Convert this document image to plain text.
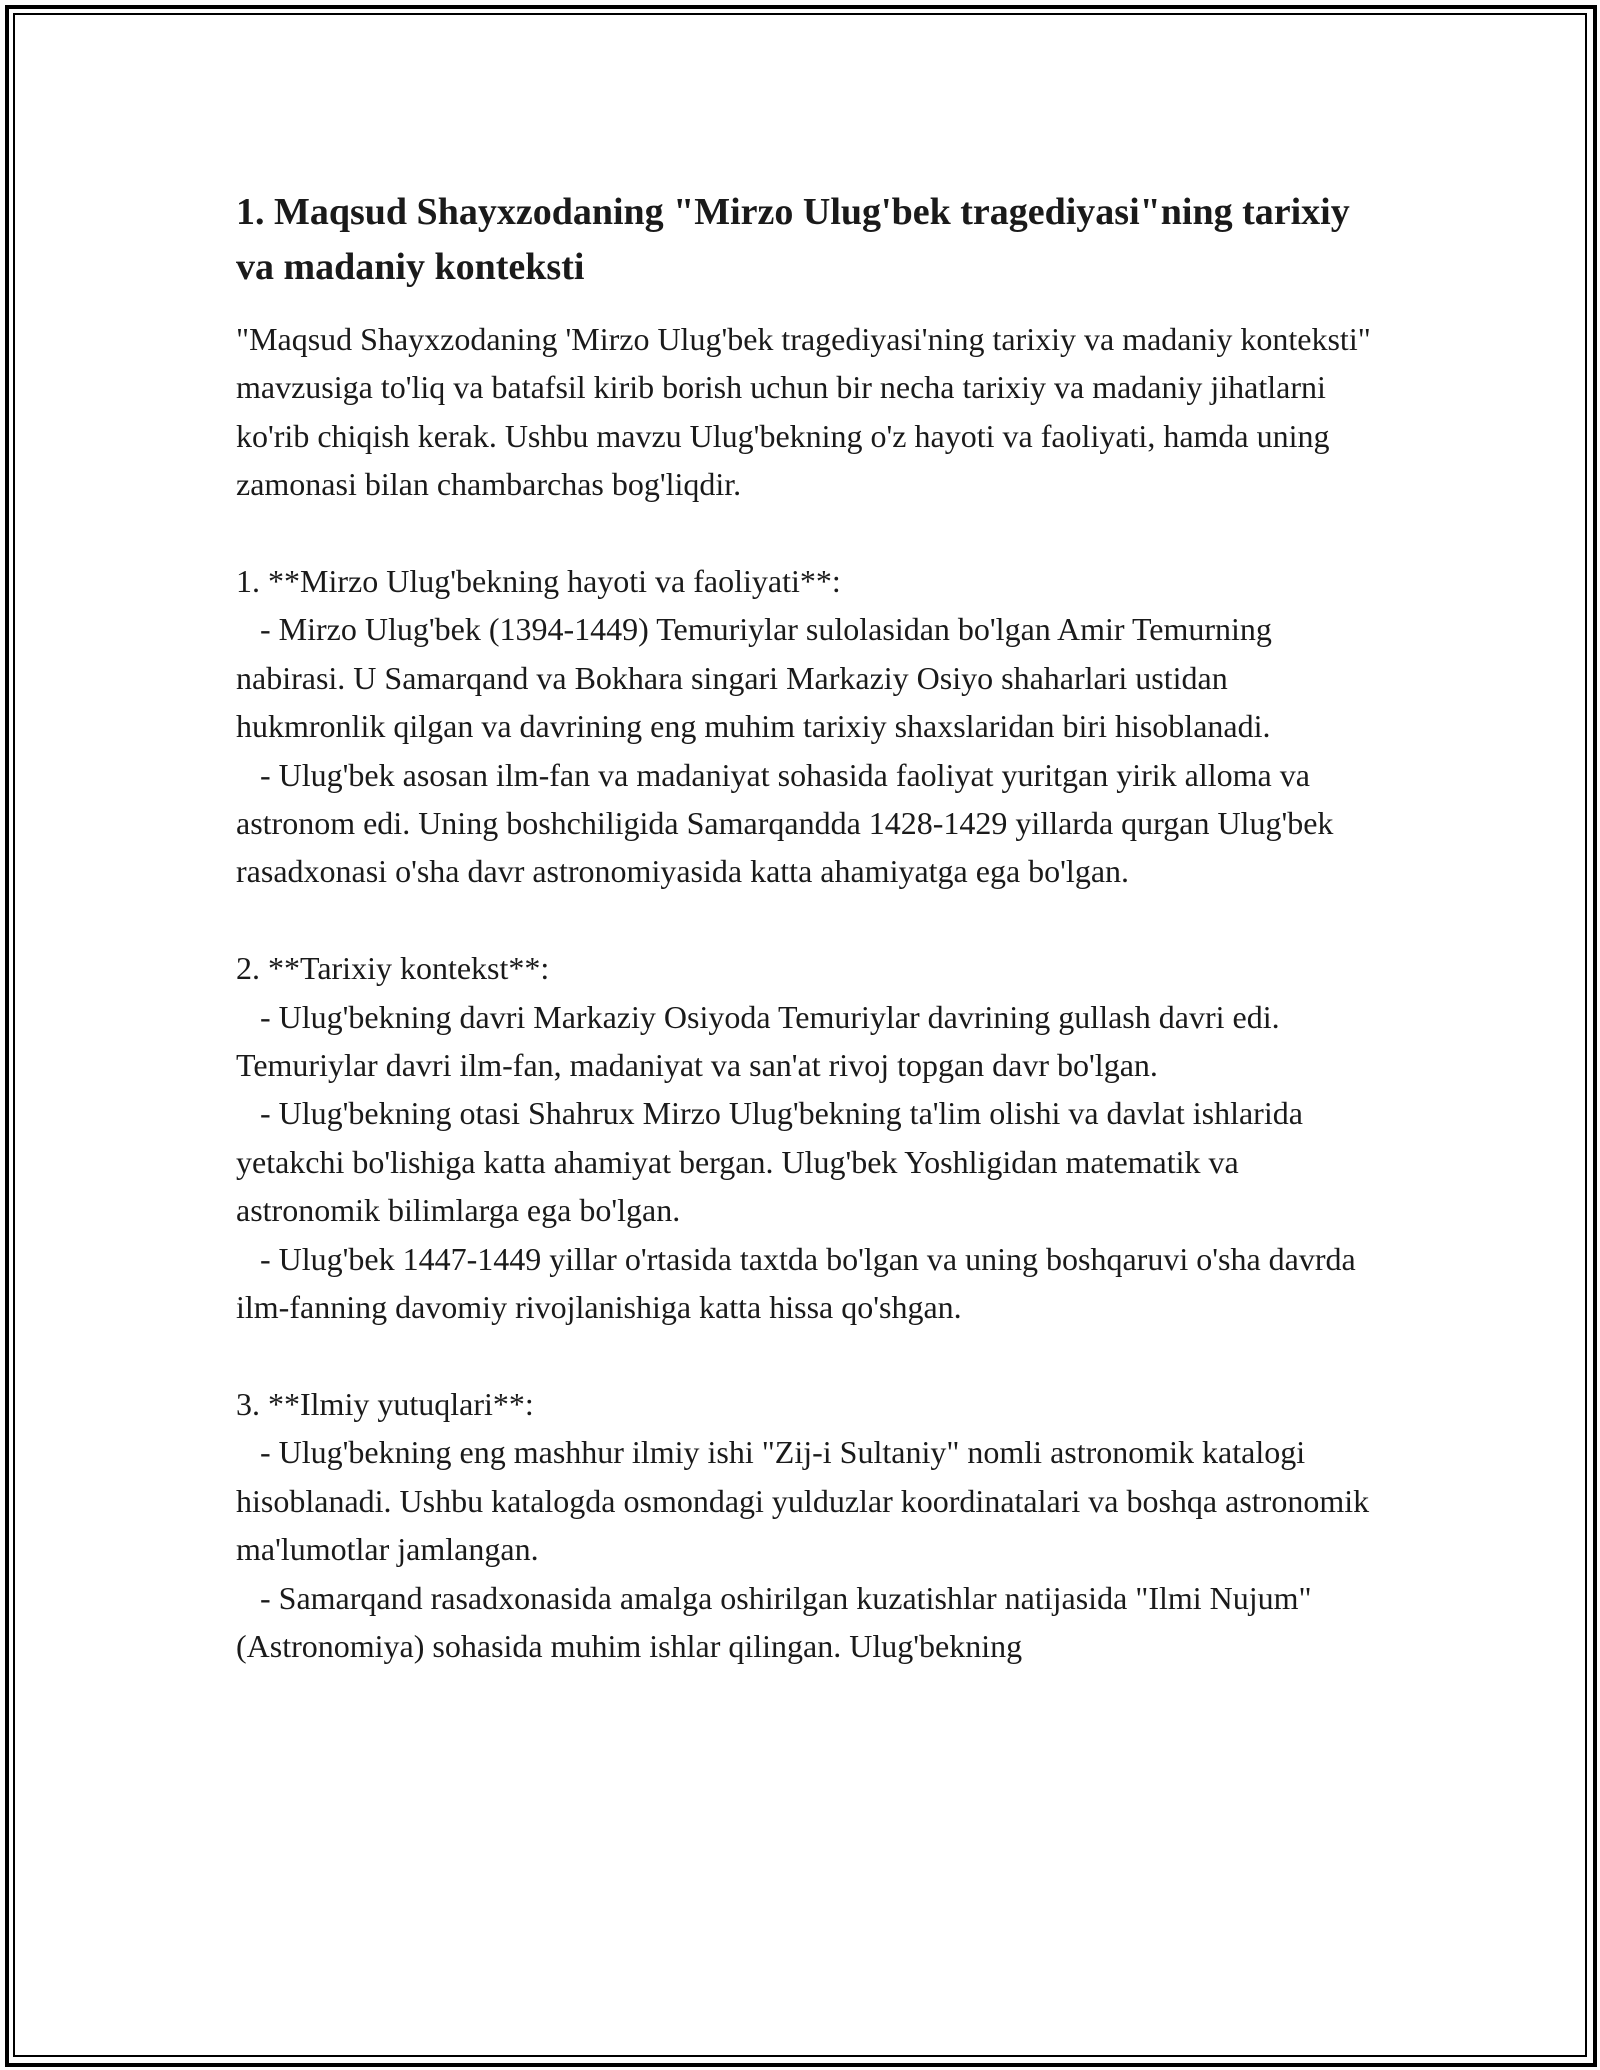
1. Maqsud Shayxzodaning "Mirzo Ulug'bek tragediyasi"ning tarixiy va madaniy konteksti

"Maqsud Shayxzodaning 'Mirzo Ulug'bek tragediyasi'ning tarixiy va madaniy konteksti" mavzusiga to'liq va batafsil kirib borish uchun bir necha tarixiy va madaniy jihatlarni ko'rib chiqish kerak. Ushbu mavzu Ulug'bekning o'z hayoti va faoliyati, hamda uning zamonasi bilan chambarchas bog'liqdir.

1. **Mirzo Ulug'bekning hayoti va faoliyati**:

- Mirzo Ulug'bek (1394-1449) Temuriylar sulolasidan bo'lgan Amir Temurning nabirasi. U Samarqand va Bokhara singari Markaziy Osiyo shaharlari ustidan hukmronlik qilgan va davrining eng muhim tarixiy shaxslaridan biri hisoblanadi.

- Ulug'bek asosan ilm-fan va madaniyat sohasida faoliyat yuritgan yirik alloma va astronom edi. Uning boshchiligida Samarqandda 1428-1429 yillarda qurgan Ulug'bek rasadxonasi o'sha davr astronomiyasida katta ahamiyatga ega bo'lgan.

2. **Tarixiy kontekst**:

- Ulug'bekning davri Markaziy Osiyoda Temuriylar davrining gullash davri edi. Temuriylar davri ilm-fan, madaniyat va san'at rivoj topgan davr bo'lgan.

- Ulug'bekning otasi Shahrux Mirzo Ulug'bekning ta'lim olishi va davlat ishlarida yetakchi bo'lishiga katta ahamiyat bergan. Ulug'bek Yoshligidan matematik va astronomik bilimlarga ega bo'lgan.

- Ulug'bek 1447-1449 yillar o'rtasida taxtda bo'lgan va uning boshqaruvi o'sha davrda ilm-fanning davomiy rivojlanishiga katta hissa qo'shgan.

3. **Ilmiy yutuqlari**:

- Ulug'bekning eng mashhur ilmiy ishi "Zij-i Sultaniy" nomli astronomik katalogi hisoblanadi. Ushbu katalogda osmondagi yulduzlar koordinatalari va boshqa astronomik ma'lumotlar jamlangan.

- Samarqand rasadxonasida amalga oshirilgan kuzatishlar natijasida "Ilmi Nujum" (Astronomiya) sohasida muhim ishlar qilingan. Ulug'bekning
